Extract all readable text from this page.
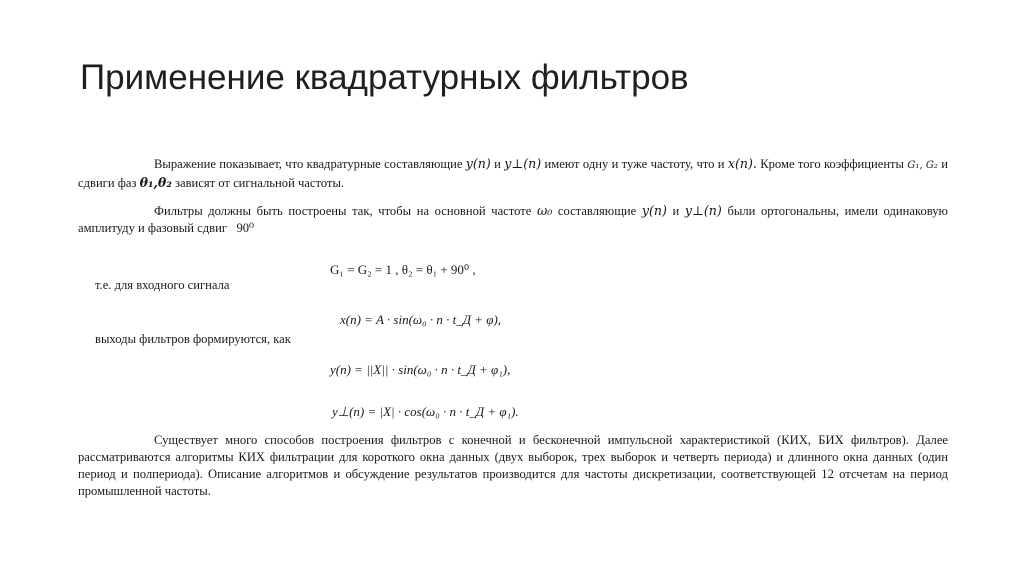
Применение квадратурных фильтров

Выражение показывает, что квадратурные составляющие y(n) и y⊥(n) имеют одну и туже частоту, что и x(n). Кроме того коэффициенты G₁, G₂ и сдвиги фаз θ₁,θ₂ зависят от сигнальной частоты.

Фильтры должны быть построены так, чтобы на основной частоте ω₀ составляющие y(n) и y⊥(n) были ортогональны, имели одинаковую амплитуду и фазовый сдвиг 90⁰

G₁ = G₂ = 1 , θ₂ = θ₁ + 90⁰ ,
т.е. для входного сигнала
x(n) = A · sin(ω₀ · n · t_Д + φ),
выходы фильтров формируются, как
y(n) = ||X|| · sin(ω₀ · n · t_Д + φ₁),
y⊥(n) = |X| · cos(ω₀ · n · t_Д + φ₁).

Существует много способов построения фильтров с конечной и бесконечной импульсной характеристикой (КИХ, БИХ фильтров). Далее рассматриваются алгоритмы КИХ фильтрации для короткого окна данных (двух выборок, трех выборок и четверть периода) и длинного окна данных (один период и полпериода). Описание алгоритмов и обсуждение результатов производится для частоты дискретизации, соответствующей 12 отсчетам на период промышленной частоты.
